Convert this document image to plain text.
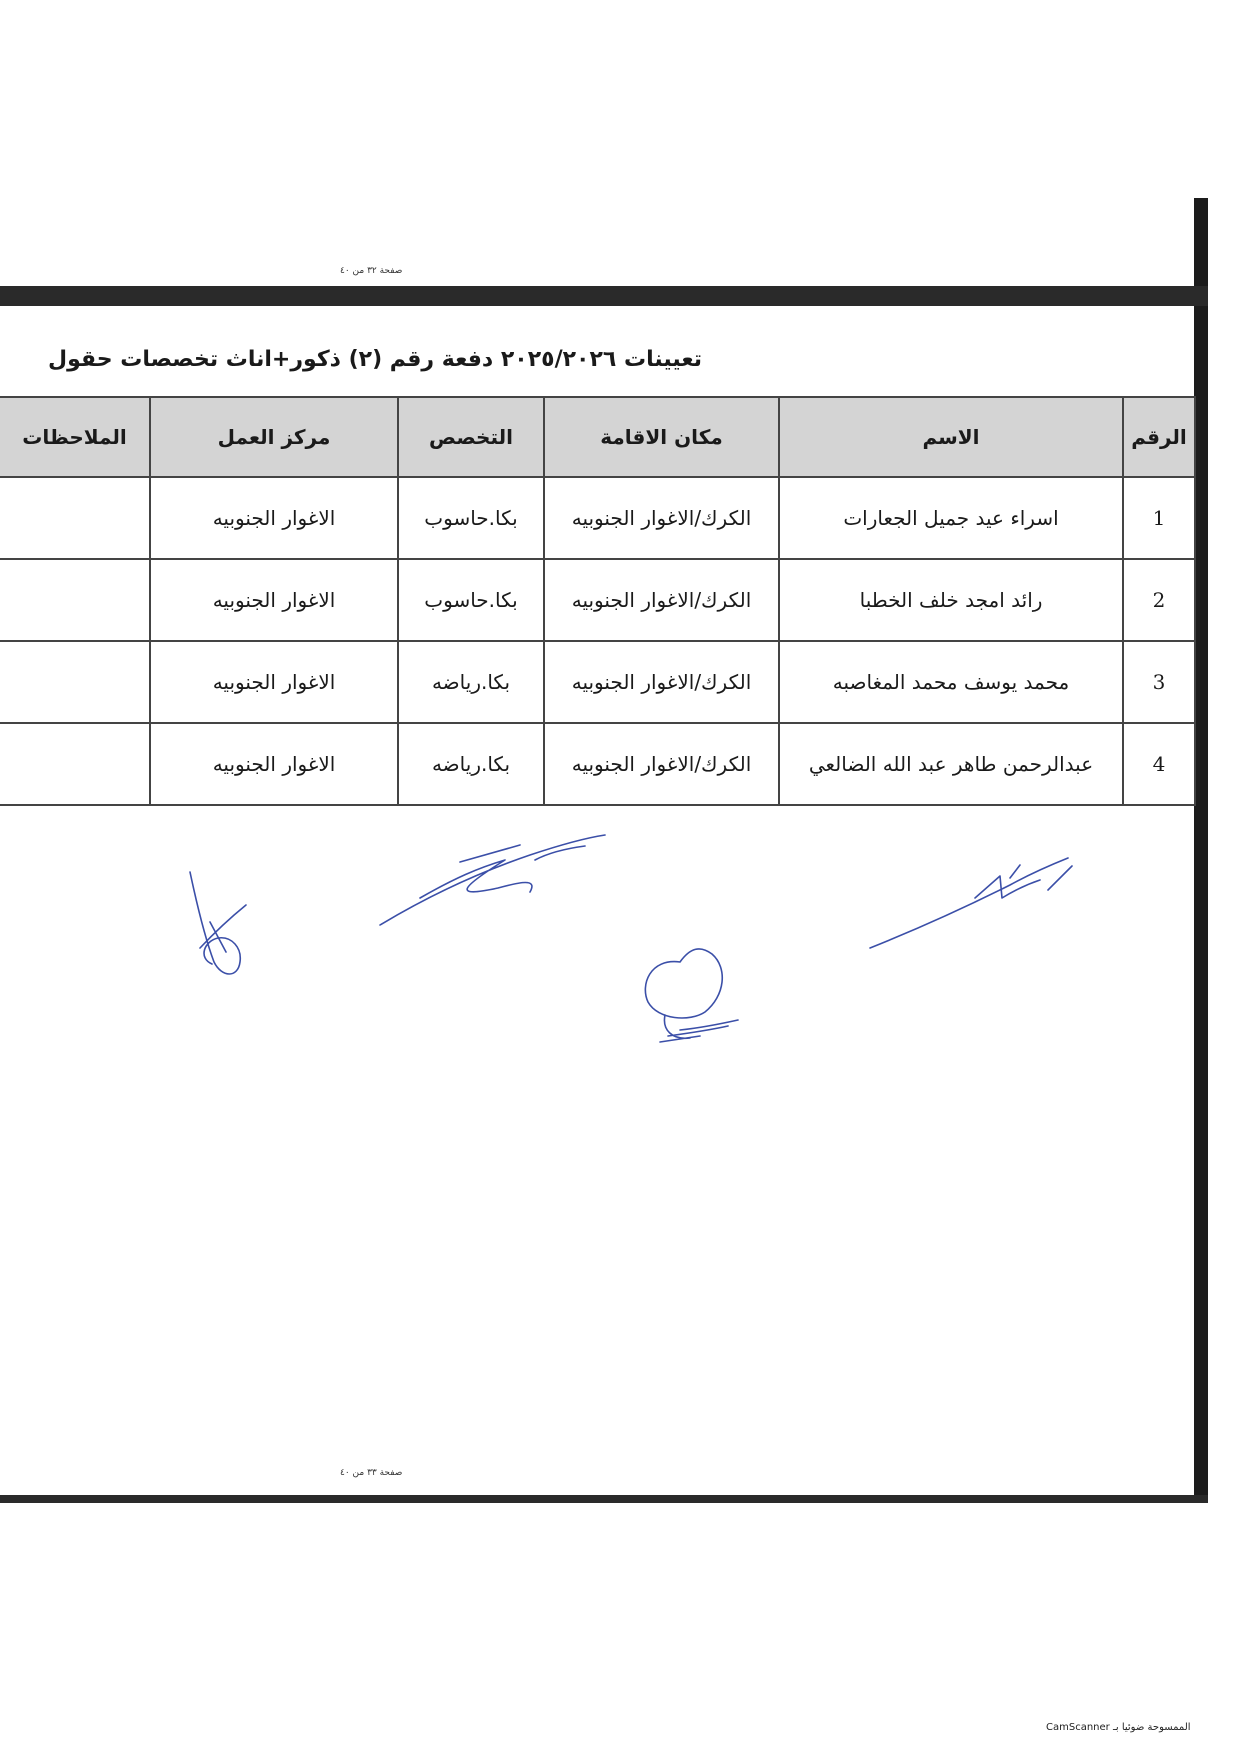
صفحة ٣٢ من ٤٠
تعيينات ٢٠٢٥/٢٠٢٦ دفعة رقم (٢) ذكور+اناث تخصصات حقول
الرقم	الاسم	مكان الاقامة	التخصص	مركز العمل	الملاحظات
1	اسراء عيد جميل الجعارات	الكرك/الاغوار الجنوبيه	بكا.حاسوب	الاغوار الجنوبيه	
2	رائد امجد خلف الخطبا	الكرك/الاغوار الجنوبيه	بكا.حاسوب	الاغوار الجنوبيه	
3	محمد يوسف محمد المغاصبه	الكرك/الاغوار الجنوبيه	بكا.رياضه	الاغوار الجنوبيه	
4	عبدالرحمن طاهر عبد الله الضالعي	الكرك/الاغوار الجنوبيه	بكا.رياضه	الاغوار الجنوبيه	
صفحة ٣٣ من ٤٠
الممسوحة ضوئيا بـ CamScanner
